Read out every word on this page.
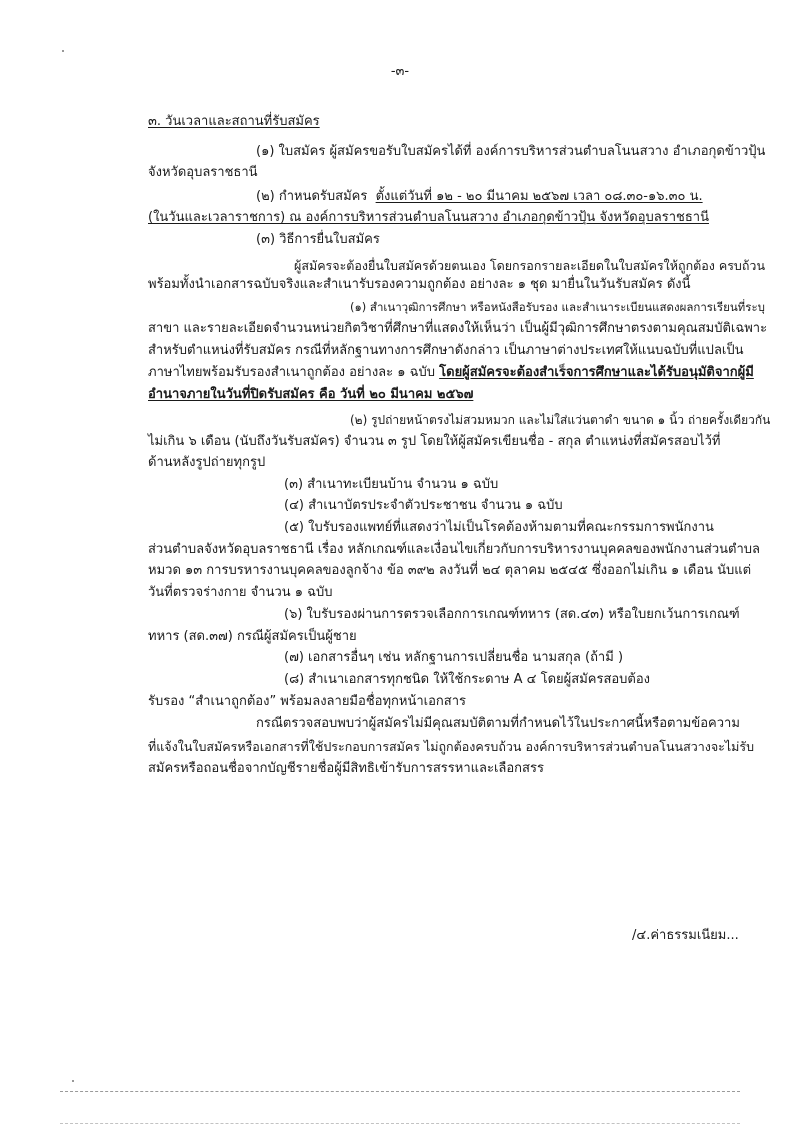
-๓-
๓. วันเวลาและสถานที่รับสมัคร
(๑) ใบสมัคร ผู้สมัครขอรับใบสมัครได้ที่ องค์การบริหารส่วนตำบลโนนสวาง อำเภอกุดข้าวปุ้น
จังหวัดอุบลราชธานี
(๒) กำหนดรับสมัคร ตั้งแต่วันที่ ๑๒ - ๒๐ มีนาคม ๒๕๖๗ เวลา ๐๘.๓๐-๑๖.๓๐ น.
(ในวันและเวลาราชการ) ณ องค์การบริหารส่วนตำบลโนนสวาง อำเภอกุดข้าวปุ้น จังหวัดอุบลราชธานี
(๓) วิธีการยื่นใบสมัคร
ผู้สมัครจะต้องยื่นใบสมัครด้วยตนเอง โดยกรอกรายละเอียดในใบสมัครให้ถูกต้อง ครบถ้วน
พร้อมทั้งนำเอกสารฉบับจริงและสำเนารับรองความถูกต้อง อย่างละ ๑ ชุด มายื่นในวันรับสมัคร ดังนี้
(๑) สำเนาวุฒิการศึกษา หรือหนังสือรับรอง และสำเนาระเบียนแสดงผลการเรียนที่ระบุ
สาขา และรายละเอียดจำนวนหน่วยกิตวิชาที่ศึกษาที่แสดงให้เห็นว่า เป็นผู้มีวุฒิการศึกษาตรงตามคุณสมบัติเฉพาะ
สำหรับตำแหน่งที่รับสมัคร กรณีที่หลักฐานทางการศึกษาดังกล่าว เป็นภาษาต่างประเทศให้แนบฉบับที่แปลเป็น
ภาษาไทยพร้อมรับรองสำเนาถูกต้อง อย่างละ ๑ ฉบับ โดยผู้สมัครจะต้องสำเร็จการศึกษาและได้รับอนุมัติจากผู้มี
อำนาจภายในวันที่ปิดรับสมัคร คือ วันที่ ๒๐ มีนาคม ๒๕๖๗
(๒) รูปถ่ายหน้าตรงไม่สวมหมวก และไม่ใส่แว่นตาดำ ขนาด ๑ นิ้ว ถ่ายครั้งเดียวกัน
ไม่เกิน ๖ เดือน (นับถึงวันรับสมัคร) จำนวน ๓ รูป โดยให้ผู้สมัครเขียนชื่อ - สกุล ตำแหน่งที่สมัครสอบไว้ที่
ด้านหลังรูปถ่ายทุกรูป
(๓) สำเนาทะเบียนบ้าน จำนวน ๑ ฉบับ
(๔) สำเนาบัตรประจำตัวประชาชน จำนวน ๑ ฉบับ
(๕) ใบรับรองแพทย์ที่แสดงว่าไม่เป็นโรคต้องห้ามตามที่คณะกรรมการพนักงาน
ส่วนตำบลจังหวัดอุบลราชธานี เรื่อง หลักเกณฑ์และเงื่อนไขเกี่ยวกับการบริหารงานบุคคลของพนักงานส่วนตำบล
หมวด ๑๓ การบรหารงานบุคคลของลูกจ้าง ข้อ ๓๙๒ ลงวันที่ ๒๔ ตุลาคม ๒๕๔๕ ซึ่งออกไม่เกิน ๑ เดือน นับแต่
วันที่ตรวจร่างกาย จำนวน ๑ ฉบับ
(๖) ใบรับรองผ่านการตรวจเลือกการเกณฑ์ทหาร (สด.๔๓) หรือใบยกเว้นการเกณฑ์
ทหาร (สด.๓๗) กรณีผู้สมัครเป็นผู้ชาย
(๗) เอกสารอื่นๆ เช่น หลักฐานการเปลี่ยนชื่อ นามสกุล (ถ้ามี )
(๘) สำเนาเอกสารทุกชนิด ให้ใช้กระดาษ A ๔ โดยผู้สมัครสอบต้อง
รับรอง “สำเนาถูกต้อง” พร้อมลงลายมือชื่อทุกหน้าเอกสาร
กรณีตรวจสอบพบว่าผู้สมัครไม่มีคุณสมบัติตามที่กำหนดไว้ในประกาศนี้หรือตามข้อความ
ที่แจ้งในใบสมัครหรือเอกสารที่ใช้ประกอบการสมัคร ไม่ถูกต้องครบถ้วน องค์การบริหารส่วนตำบลโนนสวางจะไม่รับ
สมัครหรือถอนชื่อจากบัญชีรายชื่อผู้มีสิทธิเข้ารับการสรรหาและเลือกสรร
/๔.ค่าธรรมเนียม...
